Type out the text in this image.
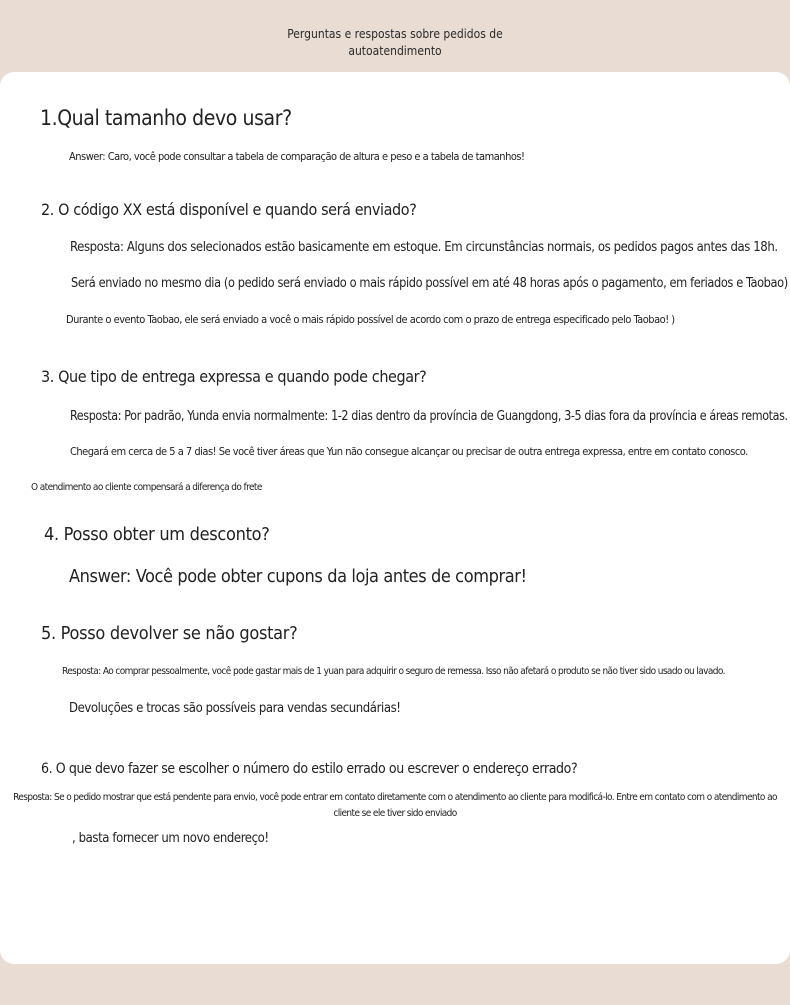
Perguntas e respostas sobre pedidos de
autoatendimento
1.Qual tamanho devo usar?
Answer: Caro, você pode consultar a tabela de comparação de altura e peso e a tabela de tamanhos!
2. O código XX está disponível e quando será enviado?
Resposta: Alguns dos selecionados estão basicamente em estoque. Em circunstâncias normais, os pedidos pagos antes das 18h.
Será enviado no mesmo dia (o pedido será enviado o mais rápido possível em até 48 horas após o pagamento, em feriados e Taobao)
Durante o evento Taobao, ele será enviado a você o mais rápido possível de acordo com o prazo de entrega especificado pelo Taobao! )
3. Que tipo de entrega expressa e quando pode chegar?
Resposta: Por padrão, Yunda envia normalmente: 1-2 dias dentro da província de Guangdong, 3-5 dias fora da província e áreas remotas.
Chegará em cerca de 5 a 7 dias! Se você tiver áreas que Yun não consegue alcançar ou precisar de outra entrega expressa, entre em contato conosco.
O atendimento ao cliente compensará a diferença do frete
4. Posso obter um desconto?
Answer: Você pode obter cupons da loja antes de comprar!
5. Posso devolver se não gostar?
Resposta: Ao comprar pessoalmente, você pode gastar mais de 1 yuan para adquirir o seguro de remessa. Isso não afetará o produto se não tiver sido usado ou lavado.
Devoluções e trocas são possíveis para vendas secundárias!
6. O que devo fazer se escolher o número do estilo errado ou escrever o endereço errado?
Resposta: Se o pedido mostrar que está pendente para envio, você pode entrar em contato diretamente com o atendimento ao cliente para modificá-lo. Entre em contato com o atendimento ao
cliente se ele tiver sido enviado
, basta fornecer um novo endereço!
